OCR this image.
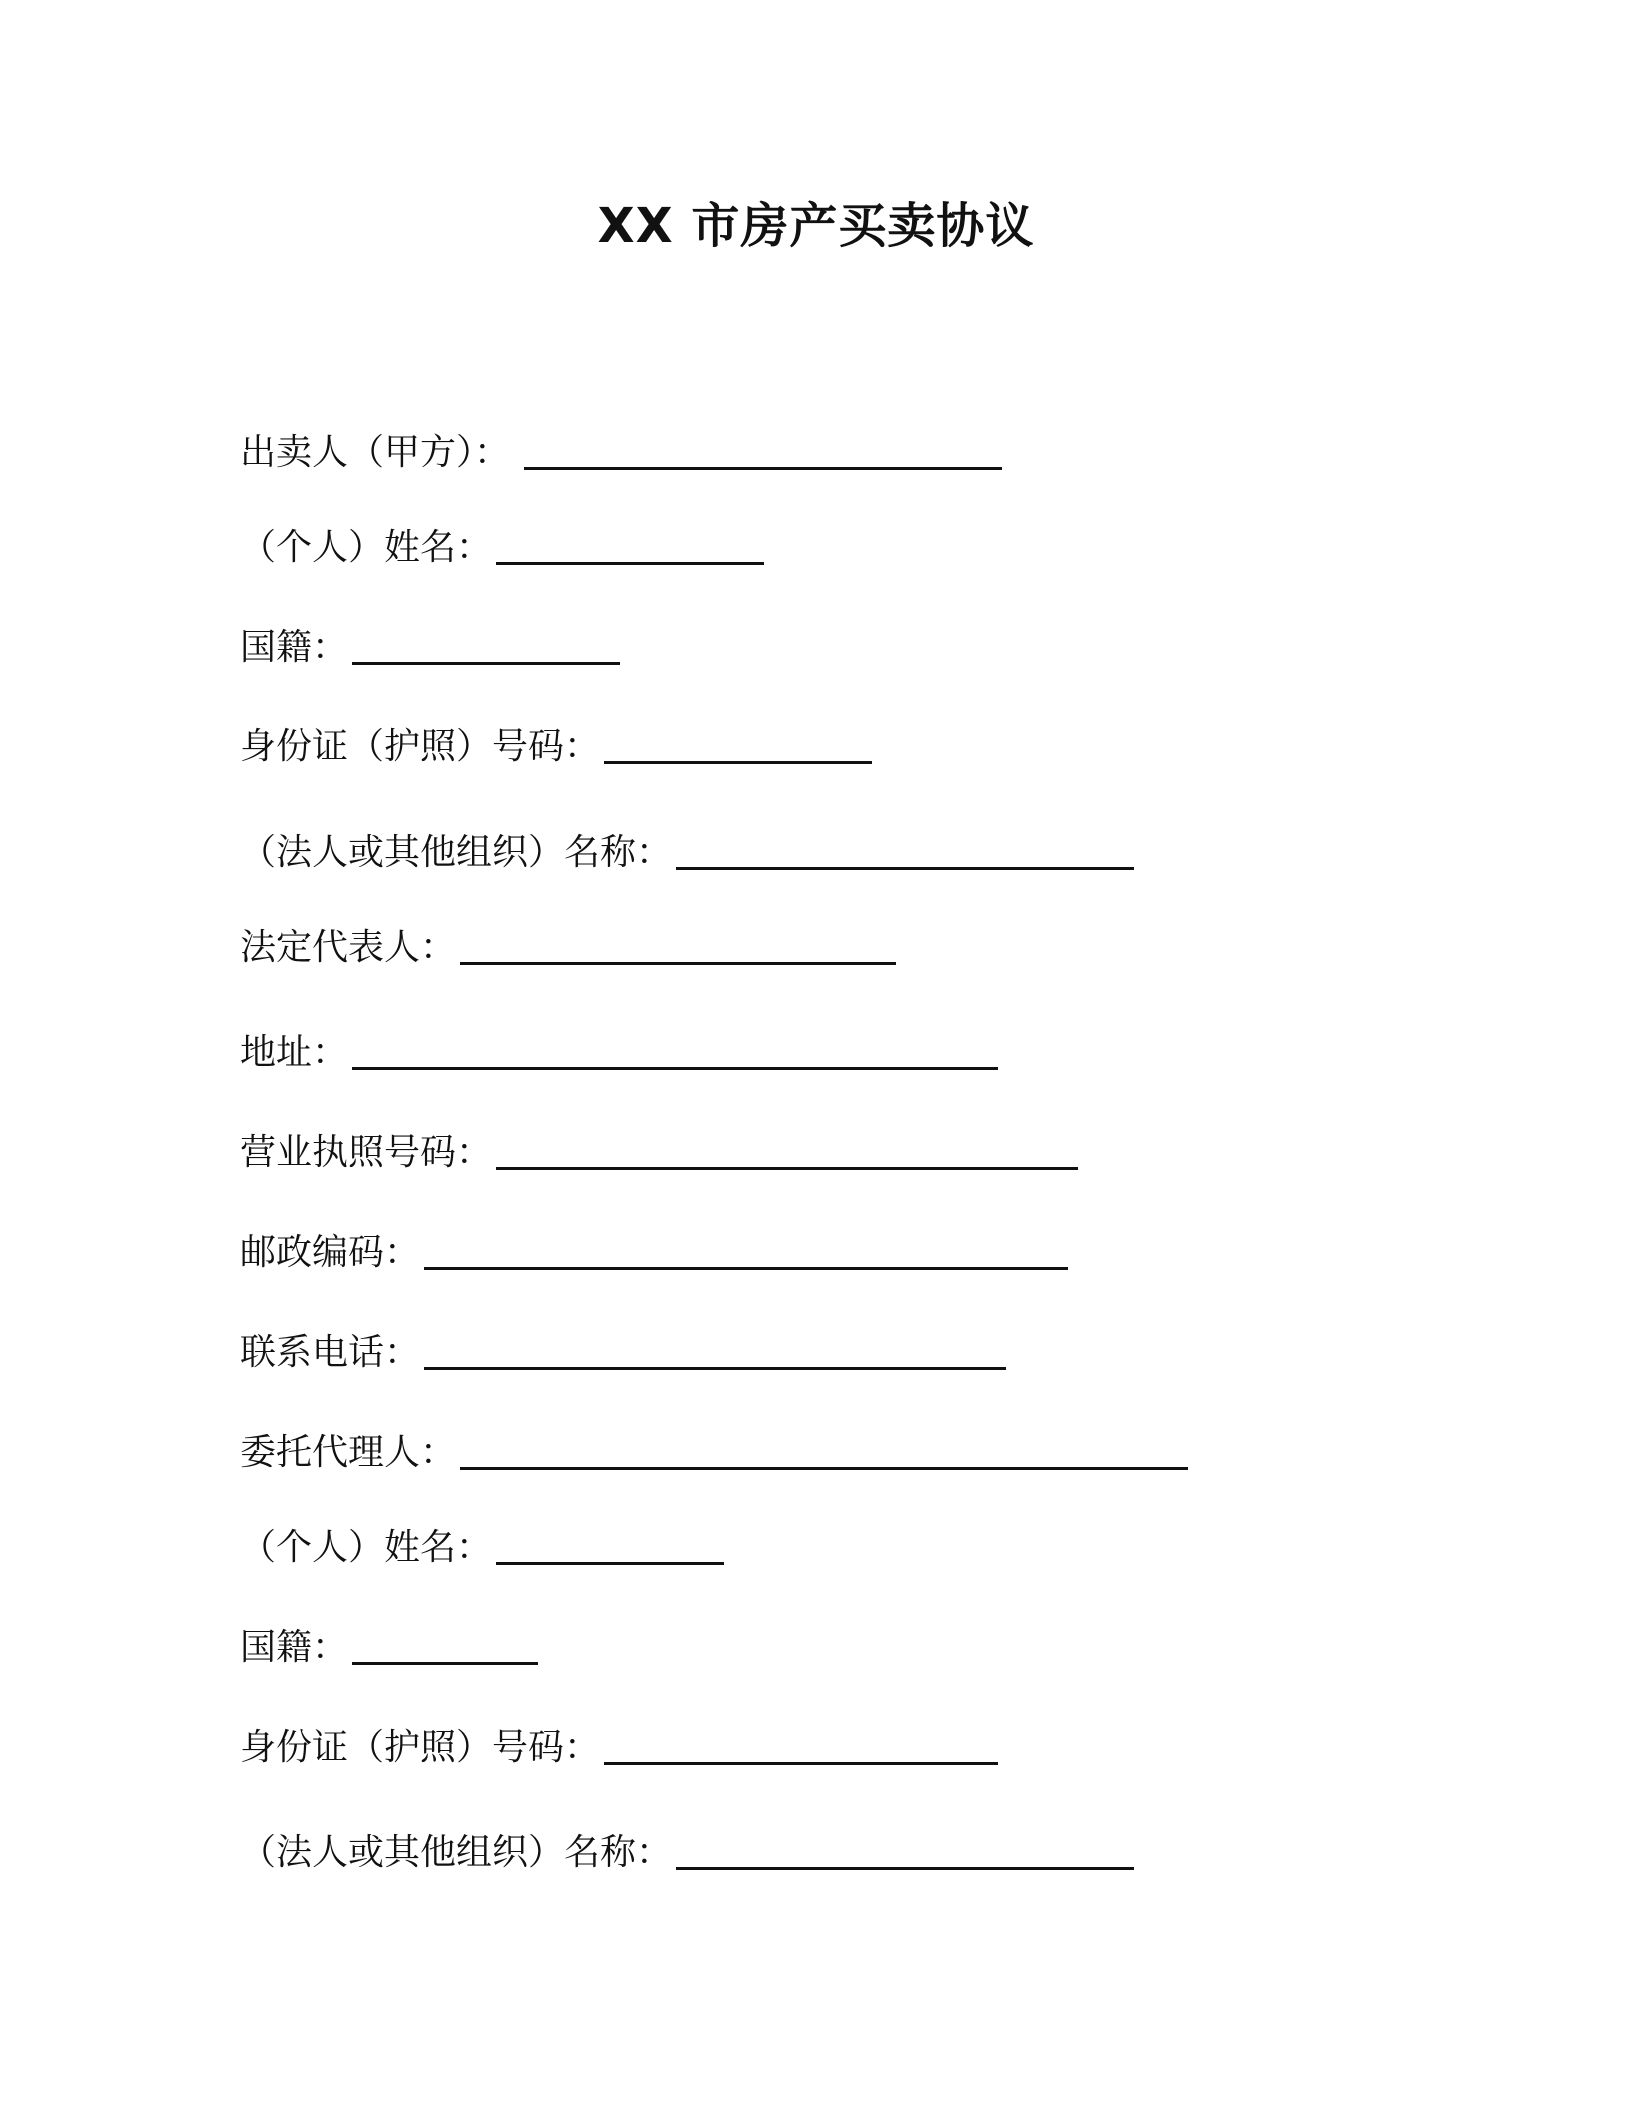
XX 市房产买卖协议
出卖人（甲方）：
（个人）姓名：
国籍：
身份证（护照）号码：
（法人或其他组织）名称：
法定代表人：
地址：
营业执照号码：
邮政编码：
联系电话：
委托代理人：
（个人）姓名：
国籍：
身份证（护照）号码：
（法人或其他组织）名称：
